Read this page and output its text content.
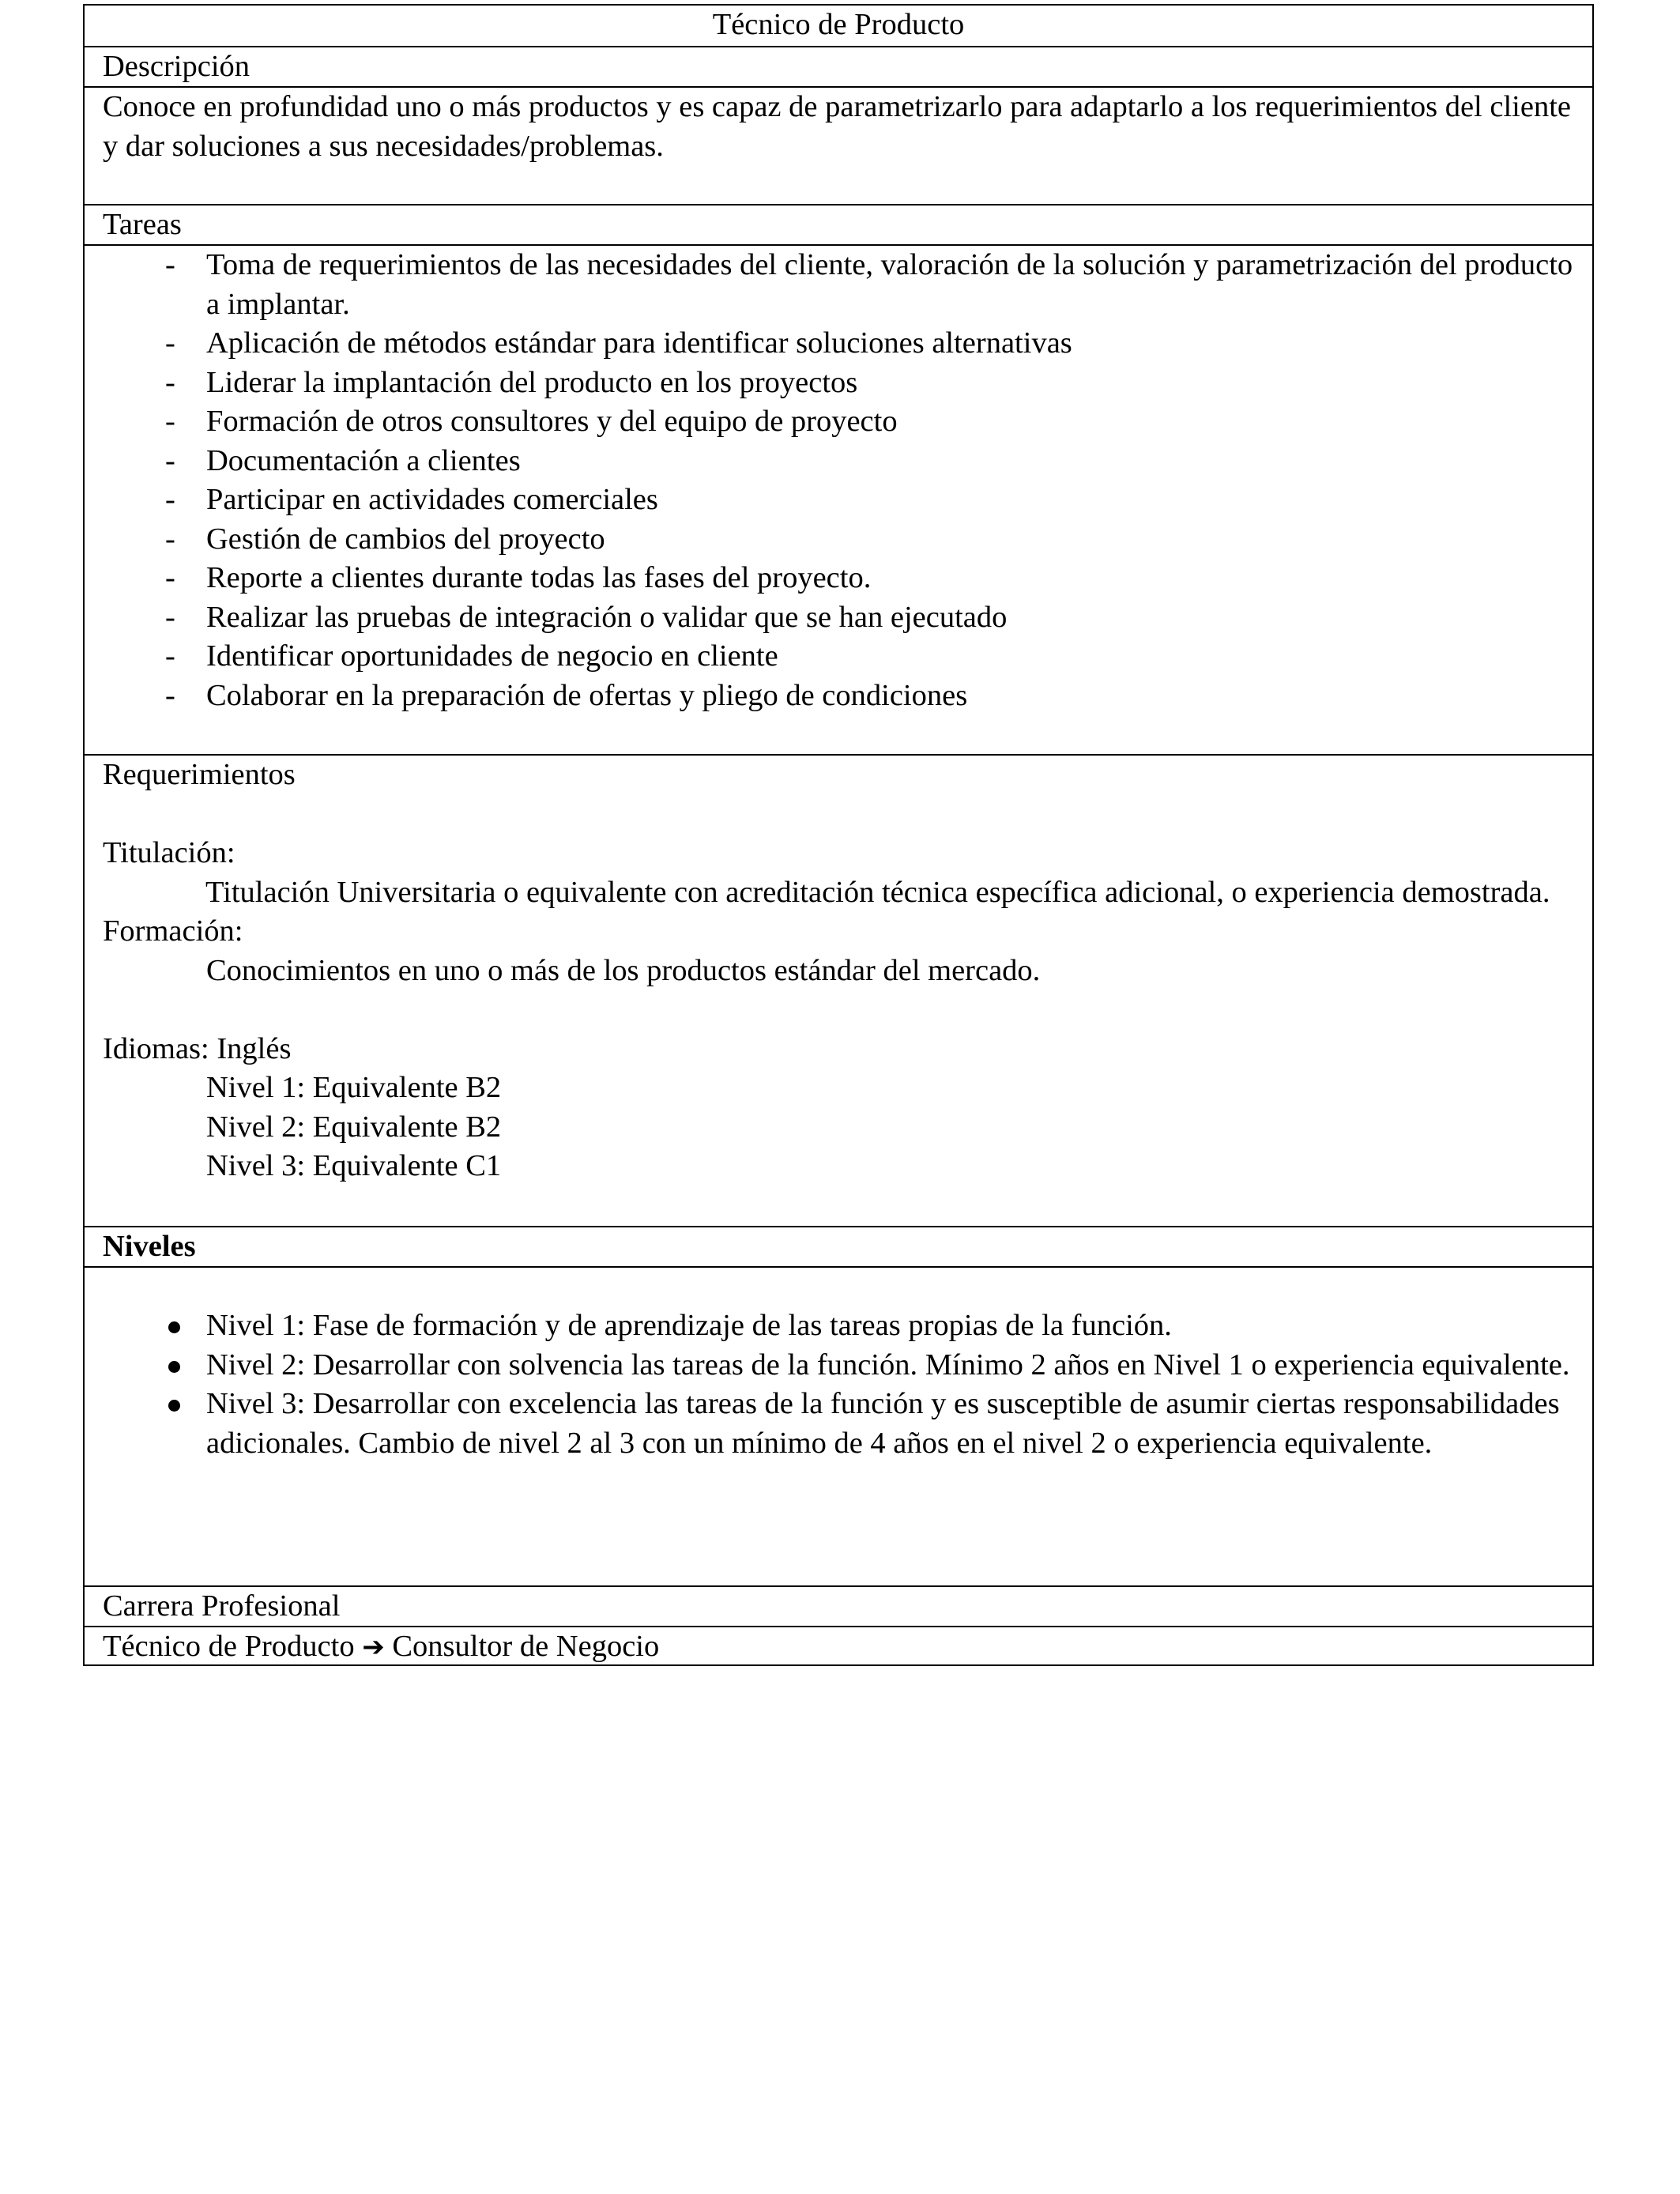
Técnico de Producto
Descripción
Conoce en profundidad uno o más productos y es capaz de parametrizarlo para adaptarlo a los requerimientos del cliente y dar soluciones a sus necesidades/problemas.
Tareas
- Toma de requerimientos de las necesidades del cliente, valoración de la solución y parametrización del producto a implantar.
- Aplicación de métodos estándar para identificar soluciones alternativas
- Liderar la implantación del producto en los proyectos
- Formación de otros consultores y del equipo de proyecto
- Documentación a clientes
- Participar en actividades comerciales
- Gestión de cambios del proyecto
- Reporte a clientes durante todas las fases del proyecto.
- Realizar las pruebas de integración o validar que se han ejecutado
- Identificar oportunidades de negocio en cliente
- Colaborar en la preparación de ofertas y pliego de condiciones
Requerimientos
Titulación:
Titulación Universitaria o equivalente con acreditación técnica específica adicional, o experiencia demostrada.
Formación:
Conocimientos en uno o más de los productos estándar del mercado.
Idiomas: Inglés
Nivel 1: Equivalente B2
Nivel 2: Equivalente B2
Nivel 3: Equivalente C1
Niveles
Nivel 1: Fase de formación y de aprendizaje de las tareas propias de la función.
Nivel 2: Desarrollar con solvencia las tareas de la función. Mínimo 2 años en Nivel 1 o experiencia equivalente.
Nivel 3: Desarrollar con excelencia las tareas de la función y es susceptible de asumir ciertas responsabilidades adicionales. Cambio de nivel 2 al 3 con un mínimo de 4 años en el nivel 2 o experiencia equivalente.
Carrera Profesional
Técnico de Producto ➔ Consultor de Negocio
